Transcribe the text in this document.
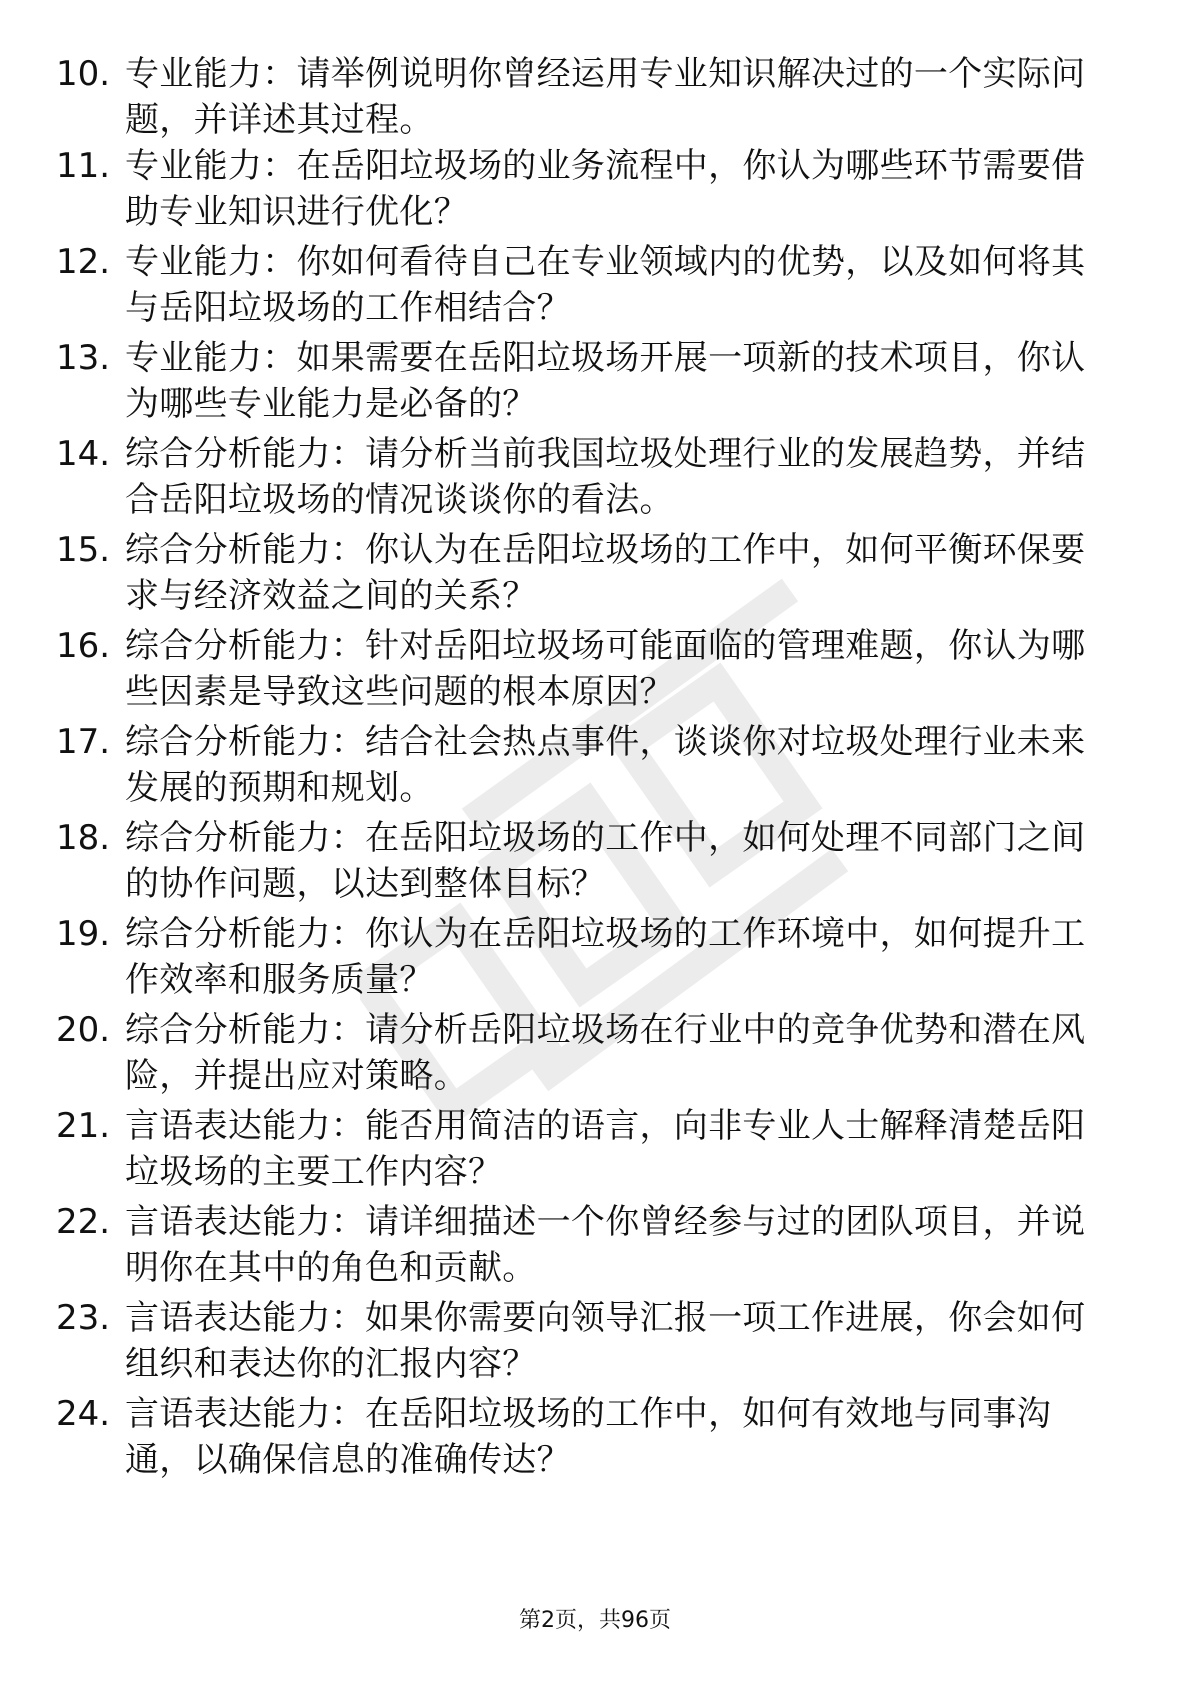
10. 专业能力：请举例说明你曾经运用专业知识解决过的一个实际问
题，并详述其过程。
11. 专业能力：在岳阳垃圾场的业务流程中，你认为哪些环节需要借
助专业知识进行优化？
12. 专业能力：你如何看待自己在专业领域内的优势，以及如何将其
与岳阳垃圾场的工作相结合？
13. 专业能力：如果需要在岳阳垃圾场开展一项新的技术项目，你认
为哪些专业能力是必备的？
14. 综合分析能力：请分析当前我国垃圾处理行业的发展趋势，并结
合岳阳垃圾场的情况谈谈你的看法。
15. 综合分析能力：你认为在岳阳垃圾场的工作中，如何平衡环保要
求与经济效益之间的关系？
16. 综合分析能力：针对岳阳垃圾场可能面临的管理难题，你认为哪
些因素是导致这些问题的根本原因？
17. 综合分析能力：结合社会热点事件，谈谈你对垃圾处理行业未来
发展的预期和规划。
18. 综合分析能力：在岳阳垃圾场的工作中，如何处理不同部门之间
的协作问题，以达到整体目标？
19. 综合分析能力：你认为在岳阳垃圾场的工作环境中，如何提升工
作效率和服务质量？
20. 综合分析能力：请分析岳阳垃圾场在行业中的竞争优势和潜在风
险，并提出应对策略。
21. 言语表达能力：能否用简洁的语言，向非专业人士解释清楚岳阳
垃圾场的主要工作内容？
22. 言语表达能力：请详细描述一个你曾经参与过的团队项目，并说
明你在其中的角色和贡献。
23. 言语表达能力：如果你需要向领导汇报一项工作进展，你会如何
组织和表达你的汇报内容？
24. 言语表达能力：在岳阳垃圾场的工作中，如何有效地与同事沟
通，以确保信息的准确传达？
第2页，共96页
